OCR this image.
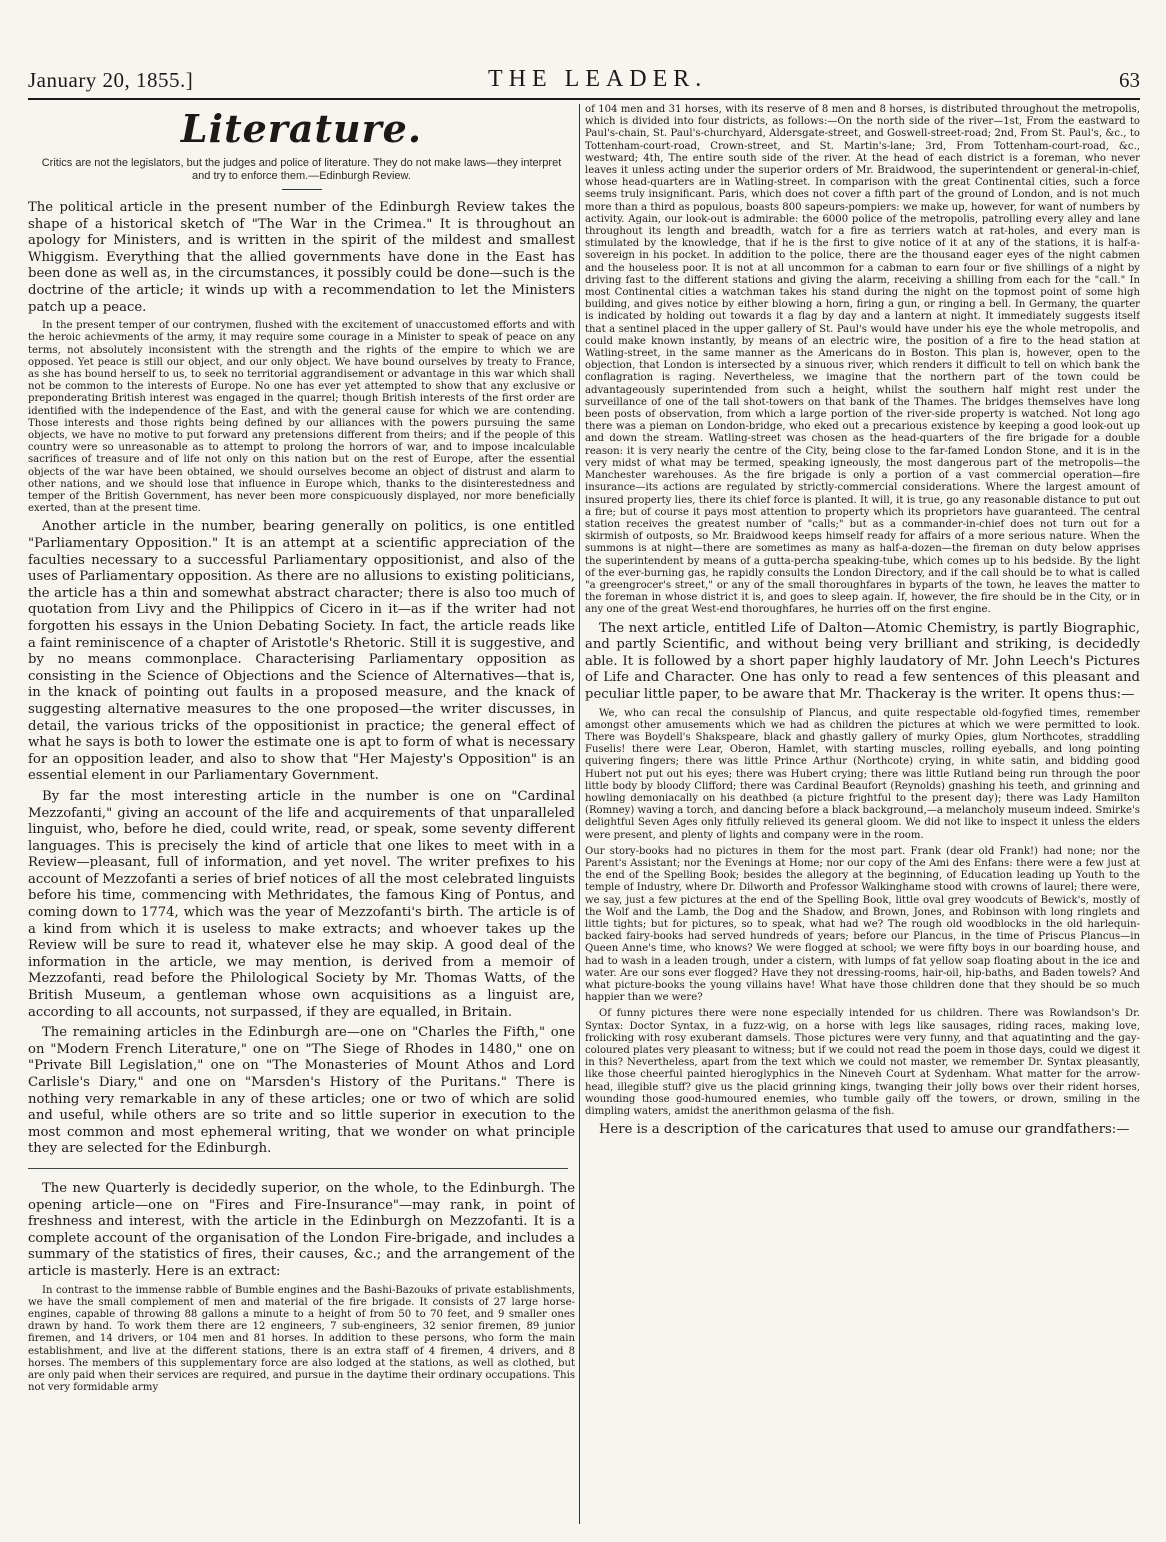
January 20, 1855.]	THE LEADER.	63
Literature.
Critics are not the legislators, but the judges and police of literature. They do not make laws—they interpret and try to enforce them.—Edinburgh Review.

The political article in the present number of the Edinburgh Review takes the shape of a historical sketch of "The War in the Crimea." It is throughout an apology for Ministers, and is written in the spirit of the mildest and smallest Whiggism. Everything that the allied governments have done in the East has been done as well as, in the circumstances, it possibly could be done—such is the doctrine of the article; it winds up with a recommendation to let the Ministers patch up a peace.

In the present temper of our contrymen, flushed with the excitement of unaccustomed efforts and with the heroic achievments of the army, it may require some courage in a Minister to speak of peace on any terms, not absolutely inconsistent with the strength and the rights of the empire to which we are opposed. Yet peace is still our object, and our only object. We have bound ourselves by treaty to France, as she has bound herself to us, to seek no territorial aggrandisement or advantage in this war which shall not be common to the interests of Europe. No one has ever yet attempted to show that any exclusive or preponderating British interest was engaged in the quarrel; though British interests of the first order are identified with the independence of the East, and with the general cause for which we are contending. Those interests and those rights being defined by our alliances with the powers pursuing the same objects, we have no motive to put forward any pretensions different from theirs; and if the people of this country were so unreasonable as to attempt to prolong the horrors of war, and to impose incalculable sacrifices of treasure and of life not only on this nation but on the rest of Europe, after the essential objects of the war have been obtained, we should ourselves become an object of distrust and alarm to other nations, and we should lose that influence in Europe which, thanks to the disinterestedness and temper of the British Government, has never been more conspicuously displayed, nor more beneficially exerted, than at the present time.

Another article in the number, bearing generally on politics, is one entitled "Parliamentary Opposition." It is an attempt at a scientific appreciation of the faculties necessary to a successful Parliamentary oppositionist, and also of the uses of Parliamentary opposition. As there are no allusions to existing politicians, the article has a thin and somewhat abstract character; there is also too much of quotation from Livy and the Philippics of Cicero in it—as if the writer had not forgotten his essays in the Union Debating Society. In fact, the article reads like a faint reminiscence of a chapter of Aristotle's Rhetoric. Still it is suggestive, and by no means commonplace. Characterising Parliamentary opposition as consisting in the Science of Objections and the Science of Alternatives—that is, in the knack of pointing out faults in a proposed measure, and the knack of suggesting alternative measures to the one proposed—the writer discusses, in detail, the various tricks of the oppositionist in practice; the general effect of what he says is both to lower the estimate one is apt to form of what is necessary for an opposition leader, and also to show that "Her Majesty's Opposition" is an essential element in our Parliamentary Government.

By far the most interesting article in the number is one on "Cardinal Mezzofanti," giving an account of the life and acquirements of that unparalleled linguist, who, before he died, could write, read, or speak, some seventy different languages. This is precisely the kind of article that one likes to meet with in a Review—pleasant, full of information, and yet novel. The writer prefixes to his account of Mezzofanti a series of brief notices of all the most celebrated linguists before his time, commencing with Methridates, the famous King of Pontus, and coming down to 1774, which was the year of Mezzofanti's birth. The article is of a kind from which it is useless to make extracts; and whoever takes up the Review will be sure to read it, whatever else he may skip. A good deal of the information in the article, we may mention, is derived from a memoir of Mezzofanti, read before the Philological Society by Mr. Thomas Watts, of the British Museum, a gentleman whose own acquisitions as a linguist are, according to all accounts, not surpassed, if they are equalled, in Britain.

The remaining articles in the Edinburgh are—one on "Charles the Fifth," one on "Modern French Literature," one on "The Siege of Rhodes in 1480," one on "Private Bill Legislation," one on "The Monasteries of Mount Athos and Lord Carlisle's Diary," and one on "Marsden's History of the Puritans." There is nothing very remarkable in any of these articles; one or two of which are solid and useful, while others are so trite and so little superior in execution to the most common and most ephemeral writing, that we wonder on what principle they are selected for the Edinburgh.

The new Quarterly is decidedly superior, on the whole, to the Edinburgh. The opening article—one on "Fires and Fire-Insurance"—may rank, in point of freshness and interest, with the article in the Edinburgh on Mezzofanti. It is a complete account of the organisation of the London Fire-brigade, and includes a summary of the statistics of fires, their causes, &c.; and the arrangement of the article is masterly. Here is an extract:

In contrast to the immense rabble of Bumble engines and the Bashi-Bazouks of private establishments, we have the small complement of men and material of the fire brigade. It consists of 27 large horse-engines, capable of throwing 88 gallons a minute to a height of from 50 to 70 feet, and 9 smaller ones drawn by hand. To work them there are 12 engineers, 7 sub-engineers, 32 senior firemen, 89 junior firemen, and 14 drivers, or 104 men and 81 horses. In addition to these persons, who form the main establishment, and live at the different stations, there is an extra staff of 4 firemen, 4 drivers, and 8 horses. The members of this supplementary force are also lodged at the stations, as well as clothed, but are only paid when their services are required, and pursue in the daytime their ordinary occupations. This not very formidable army

of 104 men and 31 horses, with its reserve of 8 men and 8 horses, is distributed throughout the metropolis, which is divided into four districts, as follows:—On the north side of the river—1st, From the eastward to Paul's-chain, St. Paul's-churchyard, Aldersgate-street, and Goswell-street-road; 2nd, From St. Paul's, &c., to Tottenham-court-road, Crown-street, and St. Martin's-lane; 3rd, From Tottenham-court-road, &c., westward; 4th, The entire south side of the river. At the head of each district is a foreman, who never leaves it unless acting under the superior orders of Mr. Braidwood, the superintendent or general-in-chief, whose head-quarters are in Watling-street. In comparison with the great Continental cities, such a force seems truly insignificant. Paris, which does not cover a fifth part of the ground of London, and is not much more than a third as populous, boasts 800 sapeurs-pompiers: we make up, however, for want of numbers by activity. Again, our look-out is admirable: the 6000 police of the metropolis, patrolling every alley and lane throughout its length and breadth, watch for a fire as terriers watch at rat-holes, and every man is stimulated by the knowledge, that if he is the first to give notice of it at any of the stations, it is half-a-sovereign in his pocket. In addition to the police, there are the thousand eager eyes of the night cabmen and the houseless poor. It is not at all uncommon for a cabman to earn four or five shillings of a night by driving fast to the different stations and giving the alarm, receiving a shilling from each for the "call." In most Continental cities a watchman takes his stand during the night on the topmost point of some high building, and gives notice by either blowing a horn, firing a gun, or ringing a bell. In Germany, the quarter is indicated by holding out towards it a flag by day and a lantern at night. It immediately suggests itself that a sentinel placed in the upper gallery of St. Paul's would have under his eye the whole metropolis, and could make known instantly, by means of an electric wire, the position of a fire to the head station at Watling-street, in the same manner as the Americans do in Boston. This plan is, however, open to the objection, that London is intersected by a sinuous river, which renders it difficult to tell on which bank the conflagration is raging. Nevertheless, we imagine that the northern part of the town could be advantageously superintended from such a height, whilst the southern half might rest under the surveillance of one of the tall shot-towers on that bank of the Thames. The bridges themselves have long been posts of observation, from which a large portion of the river-side property is watched. Not long ago there was a pieman on London-bridge, who eked out a precarious existence by keeping a good look-out up and down the stream. Watling-street was chosen as the head-quarters of the fire brigade for a double reason: it is very nearly the centre of the City, being close to the far-famed London Stone, and it is in the very midst of what may be termed, speaking igneously, the most dangerous part of the metropolis—the Manchester warehouses. As the fire brigade is only a portion of a vast commercial operation—fire insurance—its actions are regulated by strictly-commercial considerations. Where the largest amount of insured property lies, there its chief force is planted. It will, it is true, go any reasonable distance to put out a fire; but of course it pays most attention to property which its proprietors have guaranteed. The central station receives the greatest number of "calls;" but as a commander-in-chief does not turn out for a skirmish of outposts, so Mr. Braidwood keeps himself ready for affairs of a more serious nature. When the summons is at night—there are sometimes as many as half-a-dozen—the fireman on duty below apprises the superintendent by means of a gutta-percha speaking-tube, which comes up to his bedside. By the light of the ever-burning gas, he rapidly consults the London Directory, and if the call should be to what is called "a greengrocer's street," or any of the small thoroughfares in byparts of the town, he leaves the matter to the foreman in whose district it is, and goes to sleep again. If, however, the fire should be in the City, or in any one of the great West-end thoroughfares, he hurries off on the first engine.

The next article, entitled Life of Dalton—Atomic Chemistry, is partly Biographic, and partly Scientific, and without being very brilliant and striking, is decidedly able. It is followed by a short paper highly laudatory of Mr. John Leech's Pictures of Life and Character. One has only to read a few sentences of this pleasant and peculiar little paper, to be aware that Mr. Thackeray is the writer. It opens thus:—

We, who can recal the consulship of Plancus, and quite respectable old-fogyfied times, remember amongst other amusements which we had as children the pictures at which we were permitted to look. There was Boydell's Shakspeare, black and ghastly gallery of murky Opies, glum Northcotes, straddling Fuselis! there were Lear, Oberon, Hamlet, with starting muscles, rolling eyeballs, and long pointing quivering fingers; there was little Prince Arthur (Northcote) crying, in white satin, and bidding good Hubert not put out his eyes; there was Hubert crying; there was little Rutland being run through the poor little body by bloody Clifford; there was Cardinal Beaufort (Reynolds) gnashing his teeth, and grinning and howling demoniacally on his deathbed (a picture frightful to the present day); there was Lady Hamilton (Romney) waving a torch, and dancing before a black background,—a melancholy museum indeed. Smirke's delightful Seven Ages only fitfully relieved its general gloom. We did not like to inspect it unless the elders were present, and plenty of lights and company were in the room.

Our story-books had no pictures in them for the most part. Frank (dear old Frank!) had none; nor the Parent's Assistant; nor the Evenings at Home; nor our copy of the Ami des Enfans: there were a few just at the end of the Spelling Book; besides the allegory at the beginning, of Education leading up Youth to the temple of Industry, where Dr. Dilworth and Professor Walkinghame stood with crowns of laurel; there were, we say, just a few pictures at the end of the Spelling Book, little oval grey woodcuts of Bewick's, mostly of the Wolf and the Lamb, the Dog and the Shadow, and Brown, Jones, and Robinson with long ringlets and little tights; but for pictures, so to speak, what had we? The rough old woodblocks in the old harlequin-backed fairy-books had served hundreds of years; before our Plancus, in the time of Priscus Plancus—in Queen Anne's time, who knows? We were flogged at school; we were fifty boys in our boarding house, and had to wash in a leaden trough, under a cistern, with lumps of fat yellow soap floating about in the ice and water. Are our sons ever flogged? Have they not dressing-rooms, hair-oil, hip-baths, and Baden towels? And what picture-books the young villains have! What have those children done that they should be so much happier than we were?

Of funny pictures there were none especially intended for us children. There was Rowlandson's Dr. Syntax: Doctor Syntax, in a fuzz-wig, on a horse with legs like sausages, riding races, making love, frolicking with rosy exuberant damsels. Those pictures were very funny, and that aquatinting and the gay-coloured plates very pleasant to witness; but if we could not read the poem in those days, could we digest it in this? Nevertheless, apart from the text which we could not master, we remember Dr. Syntax pleasantly, like those cheerful painted hieroglyphics in the Nineveh Court at Sydenham. What matter for the arrow-head, illegible stuff? give us the placid grinning kings, twanging their jolly bows over their rident horses, wounding those good-humoured enemies, who tumble gaily off the towers, or drown, smiling in the dimpling waters, amidst the anerithmon gelasma of the fish.

Here is a description of the caricatures that used to amuse our grandfathers:—
